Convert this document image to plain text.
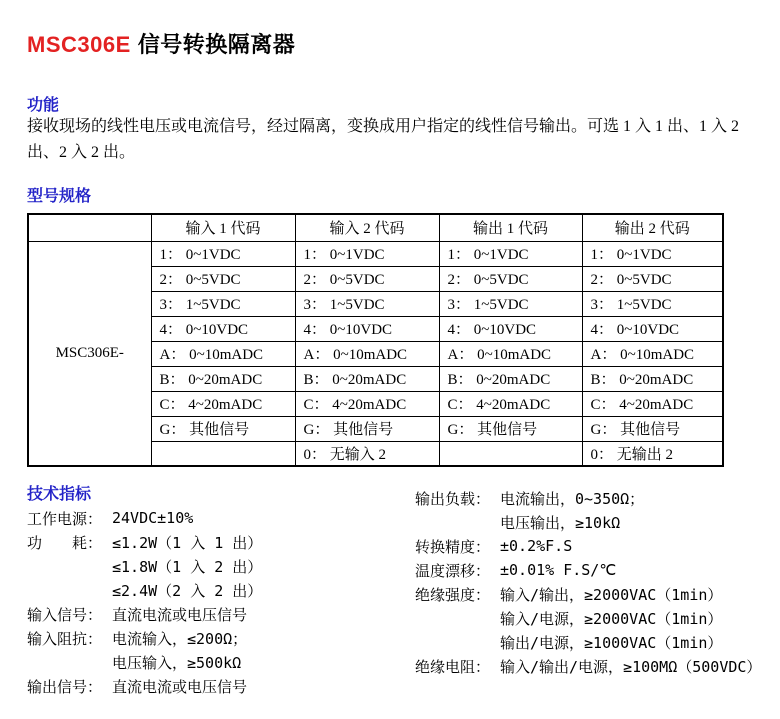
MSC306E 信号转换隔离器
功能

接收现场的线性电压或电流信号，经过隔离，变换成用户指定的线性信号输出。可选 1 入 1 出、1 入 2 出、2 入 2 出。

型号规格
	输入 1 代码	输入 2 代码	输出 1 代码	输出 2 代码
MSC306E-	1： 0~1VDC	1： 0~1VDC	1： 0~1VDC	1： 0~1VDC
	2： 0~5VDC	2： 0~5VDC	2： 0~5VDC	2： 0~5VDC
	3： 1~5VDC	3： 1~5VDC	3： 1~5VDC	3： 1~5VDC
	4： 0~10VDC	4： 0~10VDC	4： 0~10VDC	4： 0~10VDC
	A： 0~10mADC	A： 0~10mADC	A： 0~10mADC	A： 0~10mADC
	B： 0~20mADC	B： 0~20mADC	B： 0~20mADC	B： 0~20mADC
	C： 4~20mADC	C： 4~20mADC	C： 4~20mADC	C： 4~20mADC
	G： 其他信号	G： 其他信号	G： 其他信号	G： 其他信号
		0： 无输入 2		0： 无输出 2
技术指标
工作电源： 24VDC±10%
功　　耗： ≤1.2W（1 入 1 出）
≤1.8W（1 入 2 出）
≤2.4W（2 入 2 出）
输入信号： 直流电流或电压信号
输入阻抗： 电流输入，≤200Ω；
电压输入，≥500kΩ
输出信号： 直流电流或电压信号
输出负载： 电流输出，0~350Ω；
电压输出，≥10kΩ
转换精度： ±0.2%F.S
温度漂移： ±0.01% F.S/℃
绝缘强度： 输入/输出，≥2000VAC（1min）
输入/电源，≥2000VAC（1min）
输出/电源，≥1000VAC（1min）
绝缘电阻： 输入/输出/电源，≥100MΩ（500VDC）
